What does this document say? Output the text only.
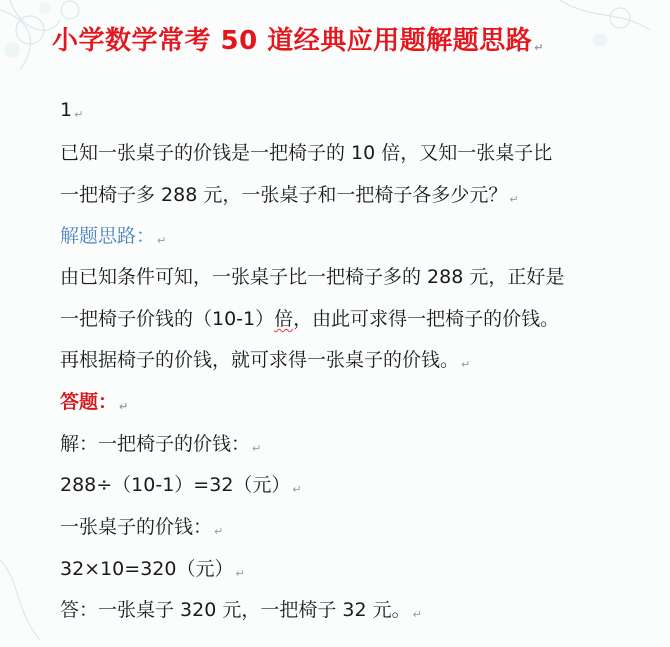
小学数学常考 50 道经典应用题解题思路 ↵

1 ↵

已知一张桌子的价钱是一把椅子的 10 倍，又知一张桌子比

一把椅子多 288 元，一张桌子和一把椅子各多少元？ ↵

解题思路： ↵

由已知条件可知，一张桌子比一把椅子多的 288 元，正好是

一把椅子价钱的（10-1）倍，由此可求得一把椅子的价钱。

再根据椅子的价钱，就可求得一张桌子的价钱。 ↵

答题： ↵

解：一把椅子的价钱： ↵

288÷（10-1）=32（元） ↵

一张桌子的价钱： ↵

32×10=320（元） ↵

答：一张桌子 320 元，一把椅子 32 元。 ↵
